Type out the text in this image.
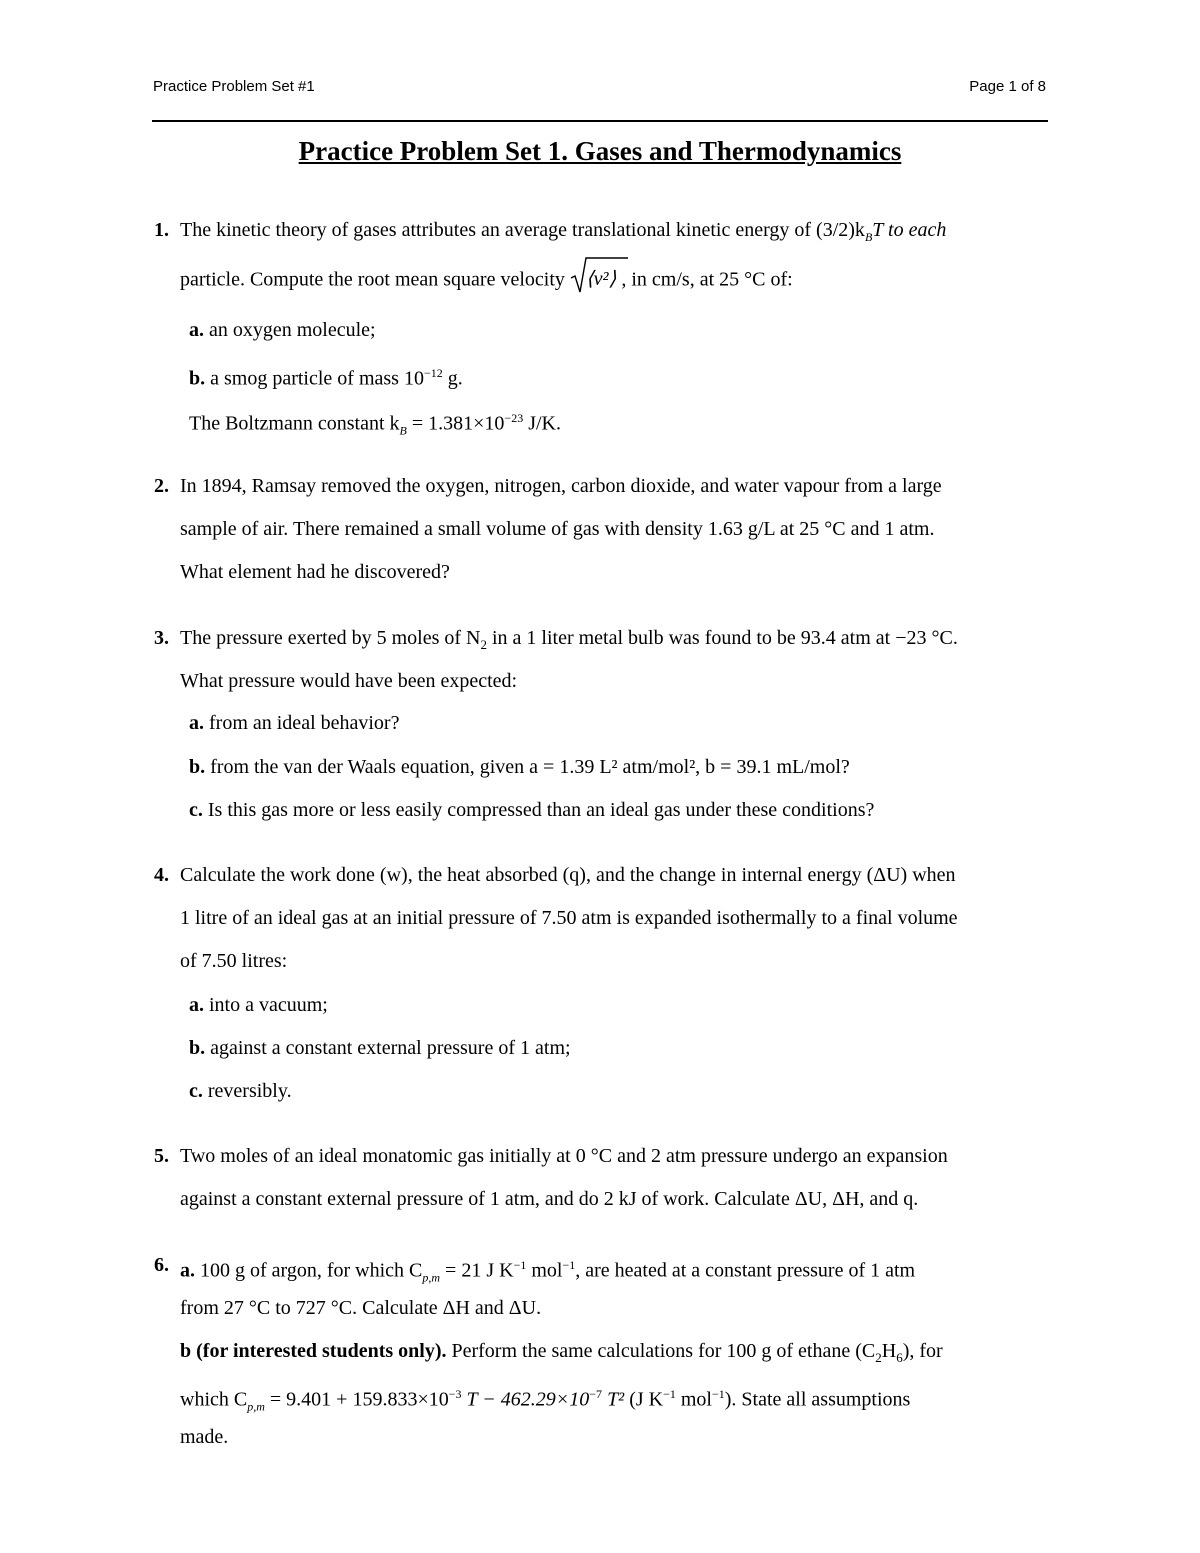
Practice Problem Set #1	Page 1 of 8
Practice Problem Set 1. Gases and Thermodynamics
1. The kinetic theory of gases attributes an average translational kinetic energy of $(3/2)k_BT$ to each
particle. Compute the root mean square velocity ⟨v²⟩ , in cm/s, at 25 °C of:
a. an oxygen molecule;
b. a smog particle of mass $10^{-12}$ g.
The Boltzmann constant $k_B = 1.381\times 10^{-23}$ J/K.
2. In 1894, Ramsay removed the oxygen, nitrogen, carbon dioxide, and water vapour from a large
sample of air. There remained a small volume of gas with density 1.63 g/L at 25 °C and 1 atm.
What element had he discovered?
3. The pressure exerted by 5 moles of $N_2$ in a 1 liter metal bulb was found to be 93.4 atm at −23 °C.
What pressure would have been expected:
a. from an ideal behavior?
b. from the van der Waals equation, given a = 1.39 L² atm/mol², b = 39.1 mL/mol?
c. Is this gas more or less easily compressed than an ideal gas under these conditions?
4. Calculate the work done (w), the heat absorbed (q), and the change in internal energy (ΔU) when
1 litre of an ideal gas at an initial pressure of 7.50 atm is expanded isothermally to a final volume
of 7.50 litres:
a. into a vacuum;
b. against a constant external pressure of 1 atm;
c. reversibly.
5. Two moles of an ideal monatomic gas initially at 0 °C and 2 atm pressure undergo an expansion
against a constant external pressure of 1 atm, and do 2 kJ of work. Calculate ΔU, ΔH, and q.
6. a. 100 g of argon, for which $C_{p,m} = 21$ J $K^{-1}$ mol$^{-1}$, are heated at a constant pressure of 1 atm
from 27 °C to 727 °C. Calculate ΔH and ΔU.
b (for interested students only). Perform the same calculations for 100 g of ethane $(C_2H_6)$, for
which $C_{p,m} = 9.401 + 159.833\times 10^{-3}$ $T - 462.29\times 10^{-7}$ T² (J $K^{-1}$ mol$^{-1}$). State all assumptions
made.
